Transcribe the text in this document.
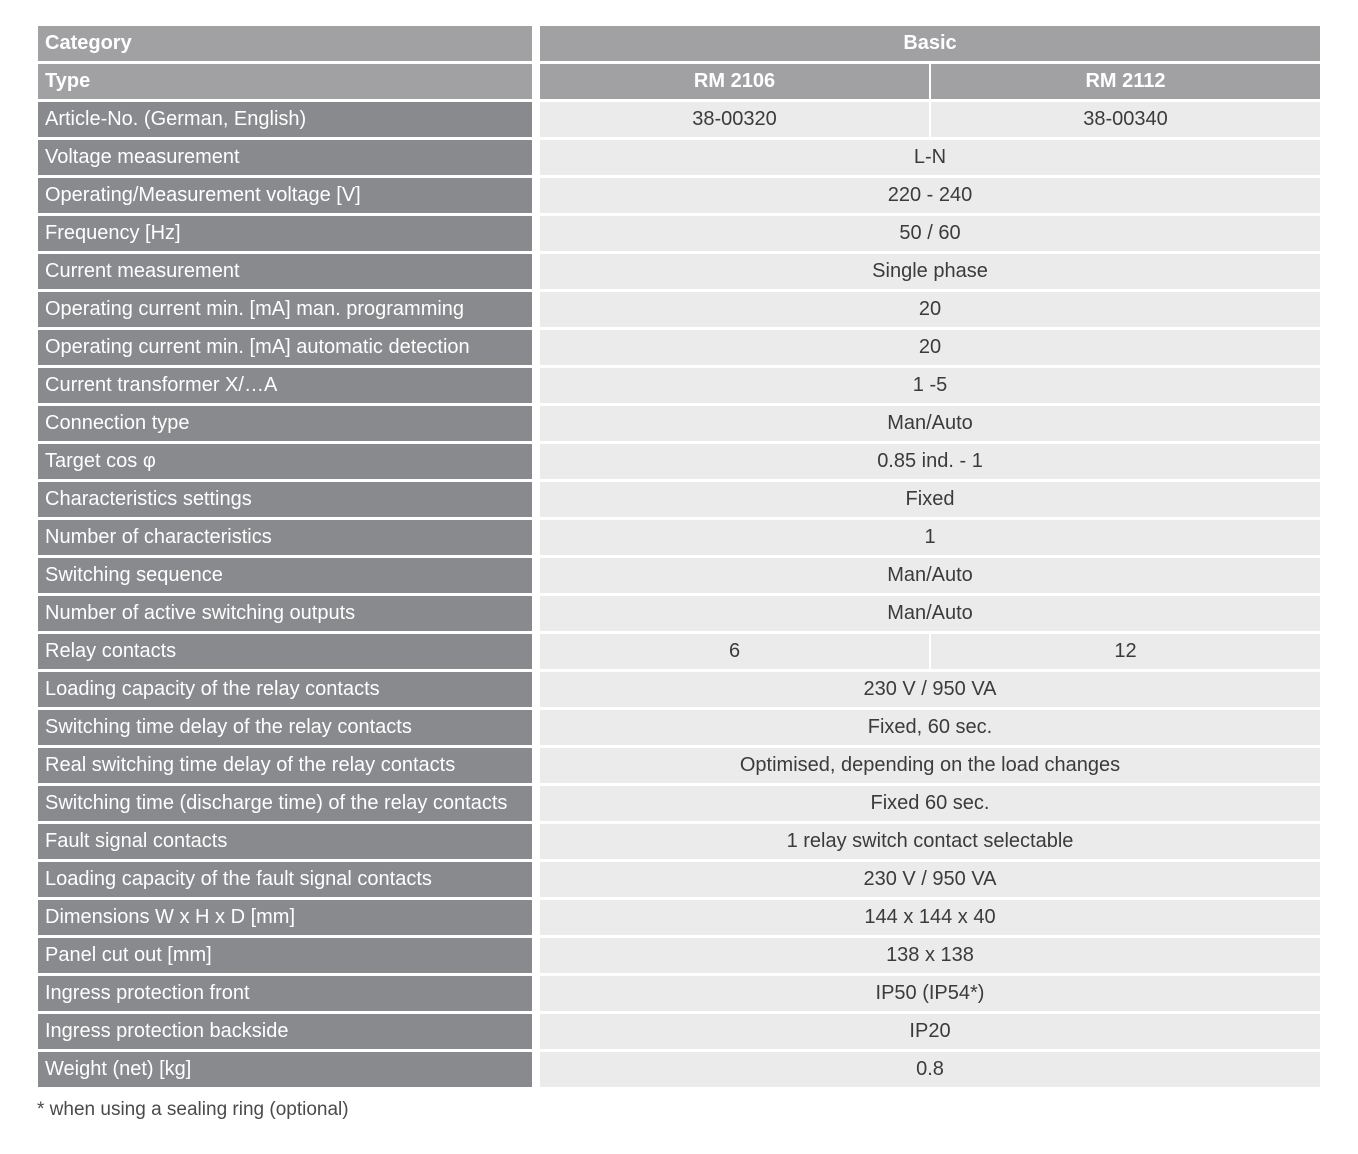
Category	Basic
Type	RM 2106	RM 2112
Article-No. (German, English)	38-00320	38-00340
Voltage measurement	L-N
Operating/Measurement voltage [V]	220 - 240
Frequency [Hz]	50 / 60
Current measurement	Single phase
Operating current min. [mA] man. programming	20
Operating current min. [mA] automatic detection	20
Current transformer X/…A	1 -5
Connection type	Man/Auto
Target cos φ	0.85 ind. - 1
Characteristics settings	Fixed
Number of characteristics	1
Switching sequence	Man/Auto
Number of active switching outputs	Man/Auto
Relay contacts	6	12
Loading capacity of the relay contacts	230 V / 950 VA
Switching time delay of the relay contacts	Fixed, 60 sec.
Real switching time delay of the relay contacts	Optimised, depending on the load changes
Switching time (discharge time) of the relay contacts	Fixed 60 sec.
Fault signal contacts	1 relay switch contact selectable
Loading capacity of the fault signal contacts	230 V / 950 VA
Dimensions W x H x D [mm]	144 x 144 x 40
Panel cut out [mm]	138 x 138
Ingress protection front	IP50 (IP54*)
Ingress protection backside	IP20
Weight (net) [kg]	0.8
* when using a sealing ring (optional)
